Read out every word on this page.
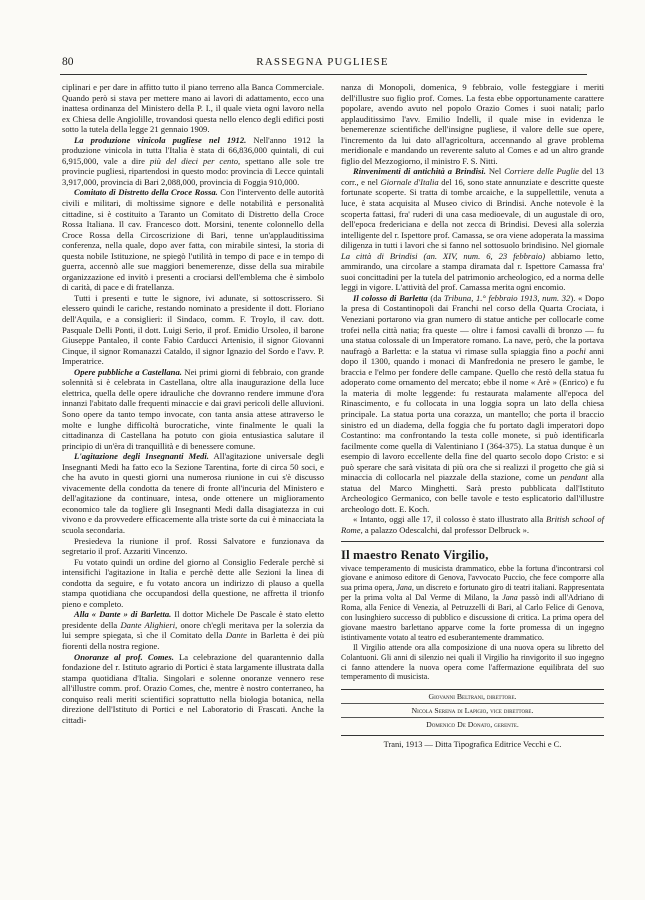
80	RASSEGNA PUGLIESE

ciplinari e per dare in affitto tutto il piano terreno alla Banca Commerciale. Quando però si stava per mettere mano ai lavori di adattamento, ecco una inattesa ordinanza del Ministero della P. I., il quale vieta ogni lavoro nella ex Chiesa delle Angiolille, trovandosi questa nello elenco degli edifici posti sotto la tutela della legge 21 gennaio 1909.

La produzione vinicola pugliese nel 1912. Nell'anno 1912 la produzione vinicola in tutta l'Italia è stata di 66,836,000 quintali, di cui 6,915,000, vale a dire più del dieci per cento, spettano alle sole tre provincie pugliesi, ripartendosi in questo modo: provincia di Lecce quintali 3,917,000, provincia di Bari 2,088,000, provincia di Foggia 910,000.

Comitato di Distretto della Croce Rossa. Con l'intervento delle autorità civili e militari, di moltissime signore e delle notabilità e personalità cittadine, si è costituito a Taranto un Comitato di Distretto della Croce Rossa Italiana. Il cav. Francesco dott. Morsini, tenente colonnello della Croce Rossa della Circoscrizione di Bari, tenne un'applauditissima conferenza, nella quale, dopo aver fatta, con mirabile sintesi, la storia di questa nobile Istituzione, ne spiegò l'utilità in tempo di pace e in tempo di guerra, accennò alle sue maggiori benemerenze, disse della sua mirabile organizzazione ed invitò i presenti a crociarsi dell'emblema che è simbolo di carità, di pace e di fratellanza.

Tutti i presenti e tutte le signore, ivi adunate, si sottoscrissero. Si elessero quindi le cariche, restando nominato a presidente il dott. Floriano dell'Aquila, e a consiglieri: il Sindaco, comm. F. Troylo, il cav. dott. Pasquale Delli Ponti, il dott. Luigi Serio, il prof. Emidio Ursoleo, il barone Giuseppe Pantaleo, il conte Fabio Carducci Artenisio, il signor Giovanni Cinque, il signor Romanazzi Cataldo, il signor Ignazio del Sordo e l'avv. P. Imperatrice.

Opere pubbliche a Castellana. Nei primi giorni di febbraio, con grande solennità si è celebrata in Castellana, oltre alla inaugurazione della luce elettrica, quella delle opere idrauliche che dovranno rendere immune d'ora innanzi l'abitato dalle frequenti minaccie e dai gravi pericoli delle alluvioni. Sono opere da tanto tempo invocate, con tanta ansia attese attraverso le molte e lunghe difficoltà burocratiche, vinte finalmente le quali la cittadinanza di Castellana ha potuto con gioia entusiastica salutare il principio di un'èra di tranquillità e di benessere comune.

L'agitazione degli Insegnanti Medi. All'agitazione universale degli Insegnanti Medi ha fatto eco la Sezione Tarentina, forte di circa 50 soci, e che ha avuto in questi giorni una numerosa riunione in cui s'è discusso vivacemente della condotta da tenere di fronte all'incuria del Ministero e dell'agitazione da continuare, intesa, onde ottenere un miglioramento economico tale da togliere gli Insegnanti Medi dalla disagiatezza in cui vivono e da provvedere efficacemente alla triste sorte da cui è minacciata la scuola secondaria.

Presiedeva la riunione il prof. Rossi Salvatore e funzionava da segretario il prof. Azzariti Vincenzo.

Fu votato quindi un ordine del giorno al Consiglio Federale perchè si intensifichi l'agitazione in Italia e perchè dette alle Sezioni la linea di condotta da seguire, e fu votato ancora un indirizzo di plauso a quella stampa quotidiana che occupandosi della questione, ne affretta il trionfo pieno e completo.

Alla « Dante » di Barletta. Il dottor Michele De Pascale è stato eletto presidente della Dante Alighieri, onore ch'egli meritava per la solerzia da lui sempre spiegata, sì che il Comitato della Dante in Barletta è dei più fiorenti della nostra regione.

Onoranze al prof. Comes. La celebrazione del quarantennio dalla fondazione del r. Istituto agrario di Portici è stata largamente illustrata dalla stampa quotidiana d'Italia. Singolari e solenne onoranze vennero rese all'illustre comm. prof. Orazio Comes, che, mentre è nostro conterraneo, ha conquiso reali meriti scientifici soprattutto nella biologia botanica, nella direzione dell'Istituto di Portici e nel Laboratorio di Frascati. Anche la cittadi-

nanza di Monopoli, domenica, 9 febbraio, volle festeggiare i meriti dell'illustre suo figlio prof. Comes. La festa ebbe opportunamente carattere popolare, avendo avuto nel popolo Orazio Comes i suoi natali; parlo applauditissimo l'avv. Emilio Indelli, il quale mise in evidenza le benemerenze scientifiche dell'insigne pugliese, il valore delle sue opere, l'incremento da lui dato all'agricoltura, accennando al grave problema meridionale e mandando un reverente saluto al Comes e ad un altro grande figlio del Mezzogiorno, il ministro F. S. Nitti.

Rinvenimenti di antichità a Brindisi. Nel Corriere delle Puglie del 13 corr., e nel Giornale d'Italia del 16, sono state annunziate e descritte queste fortunate scoperte. Si tratta di tombe arcaiche, e la suppellettile, venuta a luce, è stata acquisita al Museo civico di Brindisi. Anche notevole è la scoperta fattasi, fra' ruderi di una casa medioevale, di un augustale di oro, dell'epoca fredericiana e della not zecca di Brindisi. Devesi alla solerzia intelligente del r. Ispettore prof. Camassa, se ora viene adoperata la massima diligenza in tutti i lavori che si fanno nel sottosuolo brindisino. Nel giornale La città di Brindisi (an. XIV, num. 6, 23 febbraio) abbiamo letto, ammirando, una circolare a stampa diramata dal r. Ispettore Camassa fra' suoi concittadini per la tutela del patrimonio archeologico, ed a norma delle leggi in vigore. L'attività del prof. Camassa merita ogni encomio.

Il colosso di Barletta (da Tribuna, 1.° febbraio 1913, num. 32). « Dopo la presa di Costantinopoli dai Franchi nel corso della Quarta Crociata, i Veneziani portarono via gran numero di statue antiche per collocarle come trofei nella città natia; fra queste — oltre i famosi cavalli di bronzo — fu una statua colossale di un Imperatore romano. La nave, però, che la portava naufragò a Barletta: e la statua vi rimase sulla spiaggia fino a pochi anni dopo il 1300, quando i monaci di Manfredonia ne presero le gambe, le braccia e l'elmo per fondere delle campane. Quello che restò della statua fu adoperato come ornamento del mercato; ebbe il nome « Arè » (Enrico) e fu la materia di molte leggende: fu restaurata malamente all'epoca del Rinascimento, e fu collocata in una loggia sopra un lato della chiesa principale. La statua porta una corazza, un mantello; che porta il braccio sinistro ed un diadema, della foggia che fu portato dagli imperatori dopo Costantino: ma confrontando la testa colle monete, si può identificarla facilmente come quella di Valentiniano I (364-375). La statua dunque è un esempio di lavoro eccellente della fine del quarto secolo dopo Cristo: e si può sperare che sarà visitata di più ora che si realizzi il progetto che già si minaccia di collocarla nel piazzale della stazione, come un pendant alla statua del Marco Minghetti. Sarà presto pubblicata dall'Istituto Archeologico Germanico, con belle tavole e testo esplicatorio dall'illustre archeologo dott. E. Koch.

« Intanto, oggi alle 17, il colosso è stato illustrato alla British school of Rome, a palazzo Odescalchi, dal professor Delbruck ».

Il maestro Renato Virgilio,

vivace temperamento di musicista drammatico, ebbe la fortuna d'incontrarsi col giovane e animoso editore di Genova, l'avvocato Puccio, che fece comporre alla sua prima opera, Jana, un discreto e fortunato giro di teatri italiani. Rappresentata per la prima volta al Dal Verme di Milano, la Jana passò indi all'Adriano di Roma, alla Fenice di Venezia, al Petruzzelli di Bari, al Carlo Felice di Genova, con lusinghiero successo di pubblico e discussione di critica. La prima opera del giovane maestro barlettano apparve come la forte promessa di un ingegno istintivamente votato al teatro ed esuberantemente drammatico.

Il Virgilio attende ora alla composizione di una nuova opera su libretto del Colantuoni. Gli anni di silenzio nei quali il Virgilio ha rinvigorito il suo ingegno ci fanno attendere la nuova opera come l'affermazione equilibrata del suo temperamento di musicista.

Giovanni Beltrani, direttore.
Nicola Serena di Lapigio, vice direttore.
Domenico De Donato, gerente.
Trani, 1913 — Ditta Tipografica Editrice Vecchi e C.
